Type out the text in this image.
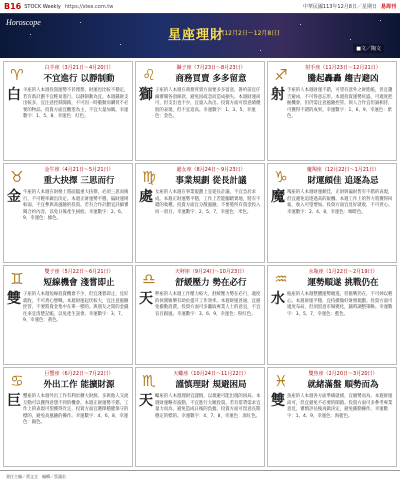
B16 STOCK Weekly https://stee.com.tw	中華民國113年12月8日／星期日 易周刊
Horoscope
星座理財
(12月2日～12月8日)
■文／陶文
♈	白羊座（3月21日～4月20日）
不宜進行 以靜制動
白 羊座的人本週投資運勢不甚理想，財運也比較不穩定，若有新計劃不宜輕易進行，以靜制動為宜。本週錢財支出較多，宜注意控制開銷，不可因一時衝動而購買不必要的物品。投資方面宜觀望為主，不宜大量加碼。幸運數字：1、5、8，幸運色：紅色。

♌	獅子座（7月23日～8月23日）
商務買賣 多多留意
獅 子座的人本週在商務買賣方面要多多留意，簽約前宜仔細審閱各項條款，避免因疏忽而造成損失。本週財運尚可，但支出也不少，宜量入為出。投資方面可留意績優股的表現，但不宜追高。幸運數字：1、3、5，幸運色：金色。

♐	射手座（11月23日～12月21日）
騰起轟轟 趨吉避凶
射 手座的人本週財運不錯，可望有意外之財進帳，但宜趨吉避凶，不可得意忘形。本週投資運勢旺盛，可適度把握機會，但仍需注意風險控管。與人合作宜坦誠相待，可獲得不錯的成果。幸運數字：1、6、9，幸運色：紫色。

♉	金牛座（4月21日～5月21日）
重大抉擇 三思而行
金 牛座的人本週在財務上將面臨重大抉擇，必須三思而後行，不可輕率做出決定。本週正財運勢平穩，偏財運則較弱，不宜參與高風險的投資。若有合作計劃宜詳細審閱合約內容，以免日後產生糾紛。幸運數字：2、6、9，幸運色：綠色。

♍	處女座（8月24日～9月23日）
事業規劃 從長計議
處 女座的人本週在事業規劃上宜從長計議，不宜急於求成。本週正財運勢平穩，工作上若能腳踏實地，將有不錯的收穫。投資方面宜分散風險，不要將所有資金投入同一項目。幸運數字：2、5、7，幸運色：米色。

♑	魔羯座（12月22日～1月21日）
財運頗佳 追逐為忌
魔 羯座的人本週財運頗佳，正財與偏財皆有不錯的表現，但宜避免追逐過高的報酬。本週工作上的努力將獲得回報，收入可望增加。投資方面宜見好就收，不可貪心。幸運數字：2、4、8，幸運色：咖啡色。

♊	雙子座（5月22日～6月21日）
短線機會 淺嘗即止
雙 子座的人本週短線投資機會不少，但宜淺嘗即止，見好就收，不可貪心戀戰。本週財運起伏較大，宜注意風險控管，不要將資金集中在單一標的。與朋友之間的金錢往來宜清楚記帳，以免產生誤會。幸運數字：3、7、9，幸運色：黃色。

♎	天秤座（9月24日～10月23日）
舒緩壓力 勢在必行
天 秤座的人本週工作壓力較大，舒緩壓力勢在必行，適度的休閒娛樂有助於提升工作效率。本週財運普通，宜避免衝動消費。投資方面可多聽取專業人士的意見，不宜盲目跟風。幸運數字：3、6、9，幸運色：粉紅色。

♒	水瓶座（1月22日～2月19日）
運勢順遂 挑戰仍在
水 瓶座的人本週整體運勢順遂，但挑戰仍在，不可掉以輕心。本週財運平穩，宜持續做好財務規劃。投資方面可適度布局，但須留意市場變化，隨時調整策略。幸運數字：3、5、7，幸運色：藍色。

♋	巨蟹座（6月22日～7月22日）
外出工作 能擴財源
巨 蟹座的人本週外出工作有利於擴大財源，多與他人交流互動可以獲得意想不到的機會。本週正財運勢不錯，工作上的表現可望獲得肯定。投資方面宜選擇穩健保守的標的，避免高風險的操作。幸運數字：4、6、8，幸運色：銀色。

♏	天蠍座（10月24日～11月22日）
謹慎理財 規避困局
天 蠍座的人本週理財宜謹慎，以規避可能出現的困局。本週財運略有波動，不宜進行大額投資。若有借貸需求宜量力而為，避免造成日後的負擔。投資方面可留意長期穩定的標的。幸運數字：4、7、8，幸運色：深紅色。

♓	雙魚座（2月20日～3月20日）
就緒滿盤 順勢而為
雙 魚座的人本週各方面準備就緒，宜順勢而為。本週財運尚可，但宜避免不必要的開銷。投資方面可多參考專業意見，審慎評估後再做決定，避免衝動操作。幸運數字：1、4、9，幸運色：海藍色。

責任主編／黃文全　編輯／蔡鴻宏
